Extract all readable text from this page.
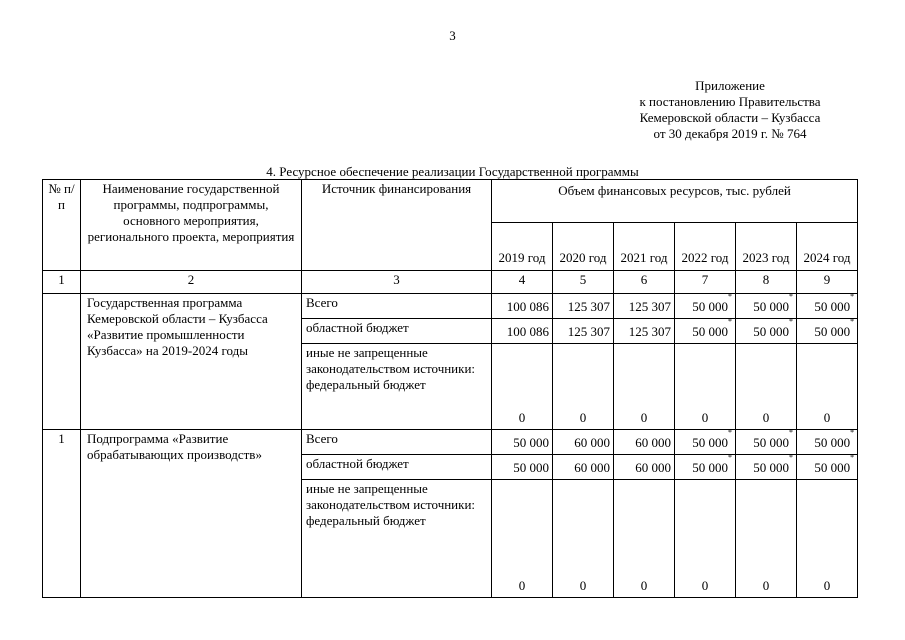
3
Приложение
к постановлению Правительства
Кемеровской области – Кузбасса
от 30 декабря 2019 г. № 764
4. Ресурсное обеспечение реализации Государственной программы
№ п/п	Наименование государственной программы, подпрограммы, основного мероприятия, регионального проекта, мероприятия	Источник финансирования	Объем финансовых ресурсов, тыс. рублей					
			2019 год	2020 год	2021 год	2022 год	2023 год	2024 год
1	2	3	4	5	6	7	8	9
	Государственная программа Кемеровской области – Кузбасса «Развитие промышленности Кузбасса» на 2019-2024 годы	Всего	100 086	125 307	125 307	50 000*	50 000*	50 000*
		областной бюджет	100 086	125 307	125 307	50 000*	50 000*	50 000*
		иные не запрещенные законодательством источники: федеральный бюджет	0	0	0	0	0	0
1	Подпрограмма «Развитие обрабатывающих производств»	Всего	50 000	60 000	60 000	50 000*	50 000*	50 000*
		областной бюджет	50 000	60 000	60 000	50 000*	50 000*	50 000*
		иные не запрещенные законодательством источники: федеральный бюджет	0	0	0	0	0	0
